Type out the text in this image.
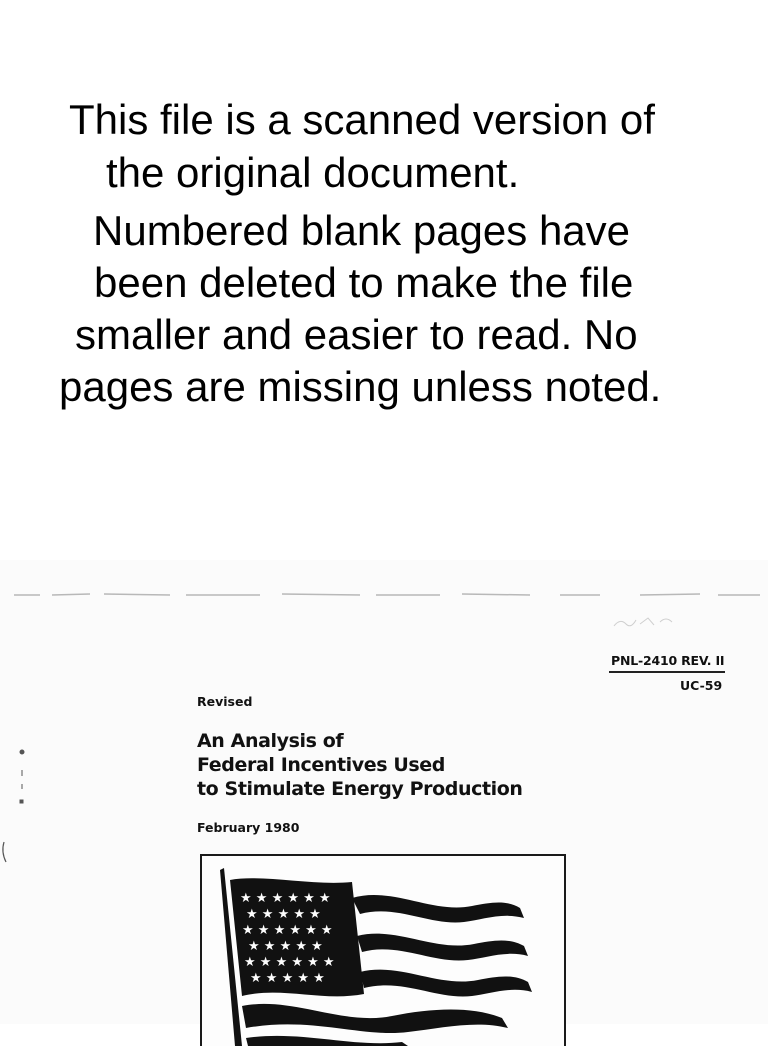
This file is a scanned version of
the original document.
Numbered blank pages have
been deleted to make the file
smaller and easier to read. No
pages are missing unless noted.
PNL-2410 REV. II
UC-59
Revised
An Analysis of
Federal Incentives Used
to Stimulate Energy Production
February 1980
★ ★ ★ ★ ★ ★
★ ★ ★ ★ ★
★ ★ ★ ★ ★ ★
★ ★ ★ ★ ★
★ ★ ★ ★ ★ ★
★ ★ ★ ★ ★
